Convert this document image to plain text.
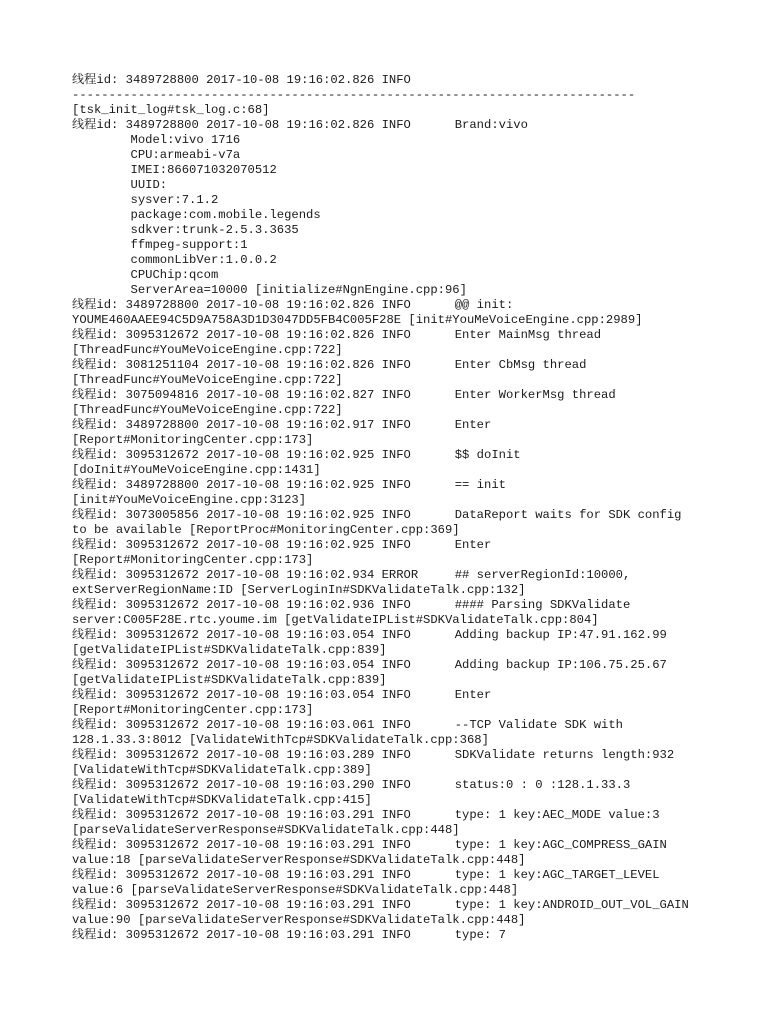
线程id: 3489728800 2017-10-08 19:16:02.826 INFO
-----------------------------------------------------------------------------
[tsk_init_log#tsk_log.c:68]
线程id: 3489728800 2017-10-08 19:16:02.826 INFO      Brand:vivo
Model:vivo 1716
CPU:armeabi-v7a
IMEI:866071032070512
UUID:
sysver:7.1.2
package:com.mobile.legends
sdkver:trunk-2.5.3.3635
ffmpeg-support:1
commonLibVer:1.0.0.2
CPUChip:qcom
ServerArea=10000 [initialize#NgnEngine.cpp:96]
线程id: 3489728800 2017-10-08 19:16:02.826 INFO      @@ init:
YOUME460AAEE94C5D9A758A3D1D3047DD5FB4C005F28E [init#YouMeVoiceEngine.cpp:2989]
线程id: 3095312672 2017-10-08 19:16:02.826 INFO      Enter MainMsg thread
[ThreadFunc#YouMeVoiceEngine.cpp:722]
线程id: 3081251104 2017-10-08 19:16:02.826 INFO      Enter CbMsg thread
[ThreadFunc#YouMeVoiceEngine.cpp:722]
线程id: 3075094816 2017-10-08 19:16:02.827 INFO      Enter WorkerMsg thread
[ThreadFunc#YouMeVoiceEngine.cpp:722]
线程id: 3489728800 2017-10-08 19:16:02.917 INFO      Enter
[Report#MonitoringCenter.cpp:173]
线程id: 3095312672 2017-10-08 19:16:02.925 INFO      $$ doInit
[doInit#YouMeVoiceEngine.cpp:1431]
线程id: 3489728800 2017-10-08 19:16:02.925 INFO      == init
[init#YouMeVoiceEngine.cpp:3123]
线程id: 3073005856 2017-10-08 19:16:02.925 INFO      DataReport waits for SDK config
to be available [ReportProc#MonitoringCenter.cpp:369]
线程id: 3095312672 2017-10-08 19:16:02.925 INFO      Enter
[Report#MonitoringCenter.cpp:173]
线程id: 3095312672 2017-10-08 19:16:02.934 ERROR     ## serverRegionId:10000,
extServerRegionName:ID [ServerLoginIn#SDKValidateTalk.cpp:132]
线程id: 3095312672 2017-10-08 19:16:02.936 INFO      #### Parsing SDKValidate
server:C005F28E.rtc.youme.im [getValidateIPList#SDKValidateTalk.cpp:804]
线程id: 3095312672 2017-10-08 19:16:03.054 INFO      Adding backup IP:47.91.162.99
[getValidateIPList#SDKValidateTalk.cpp:839]
线程id: 3095312672 2017-10-08 19:16:03.054 INFO      Adding backup IP:106.75.25.67
[getValidateIPList#SDKValidateTalk.cpp:839]
线程id: 3095312672 2017-10-08 19:16:03.054 INFO      Enter
[Report#MonitoringCenter.cpp:173]
线程id: 3095312672 2017-10-08 19:16:03.061 INFO      --TCP Validate SDK with
128.1.33.3:8012 [ValidateWithTcp#SDKValidateTalk.cpp:368]
线程id: 3095312672 2017-10-08 19:16:03.289 INFO      SDKValidate returns length:932
[ValidateWithTcp#SDKValidateTalk.cpp:389]
线程id: 3095312672 2017-10-08 19:16:03.290 INFO      status:0 : 0 :128.1.33.3
[ValidateWithTcp#SDKValidateTalk.cpp:415]
线程id: 3095312672 2017-10-08 19:16:03.291 INFO      type: 1 key:AEC_MODE value:3
[parseValidateServerResponse#SDKValidateTalk.cpp:448]
线程id: 3095312672 2017-10-08 19:16:03.291 INFO      type: 1 key:AGC_COMPRESS_GAIN
value:18 [parseValidateServerResponse#SDKValidateTalk.cpp:448]
线程id: 3095312672 2017-10-08 19:16:03.291 INFO      type: 1 key:AGC_TARGET_LEVEL
value:6 [parseValidateServerResponse#SDKValidateTalk.cpp:448]
线程id: 3095312672 2017-10-08 19:16:03.291 INFO      type: 1 key:ANDROID_OUT_VOL_GAIN
value:90 [parseValidateServerResponse#SDKValidateTalk.cpp:448]
线程id: 3095312672 2017-10-08 19:16:03.291 INFO      type: 7
